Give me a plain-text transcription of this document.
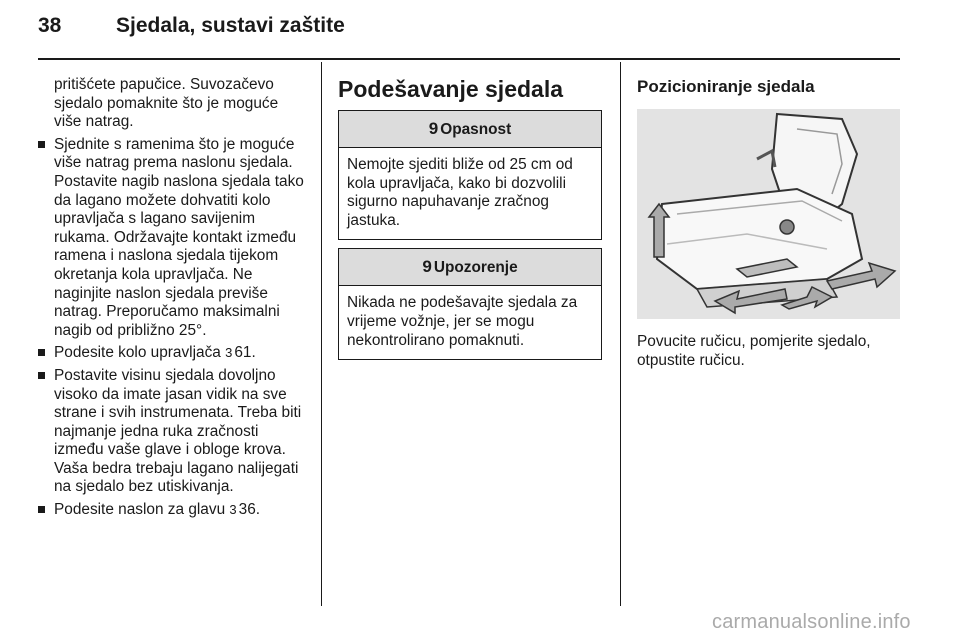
38	Sjedala, sustavi zaštite

pritišćete papučice. Suvozačevo sjedalo pomaknite što je moguće više natrag.

Sjednite s ramenima što je moguće više natrag prema naslonu sjedala. Postavite nagib naslona sjedala tako da lagano možete dohvatiti kolo upravljača s lagano savijenim rukama. Održavajte kontakt između ramena i naslona sjedala tijekom okretanja kola upravljača. Ne naginjite naslon sjedala previše natrag. Preporučamo maksimalni nagib od približno 25°.
Podesite kolo upravljača 3 61.
Postavite visinu sjedala dovoljno visoko da imate jasan vidik na sve strane i svih instrumenata. Treba biti najmanje jedna ruka zračnosti između vaše glave i obloge krova. Vaša bedra trebaju lagano nalijegati na sjedalo bez utiskivanja.
Podesite naslon za glavu 3 36.
Podešavanje sjedala
9 Opasnost
Nemojte sjediti bliže od 25 cm od kola upravljača, kako bi dozvolili sigurno napuhavanje zračnog jastuka.
9 Upozorenje
Nikada ne podešavajte sjedala za vrijeme vožnje, jer se mogu nekontrolirano pomaknuti.
Pozicioniranje sjedala

Povucite ručicu, pomjerite sjedalo, otpustite ručicu.

carmanualsonline.info
